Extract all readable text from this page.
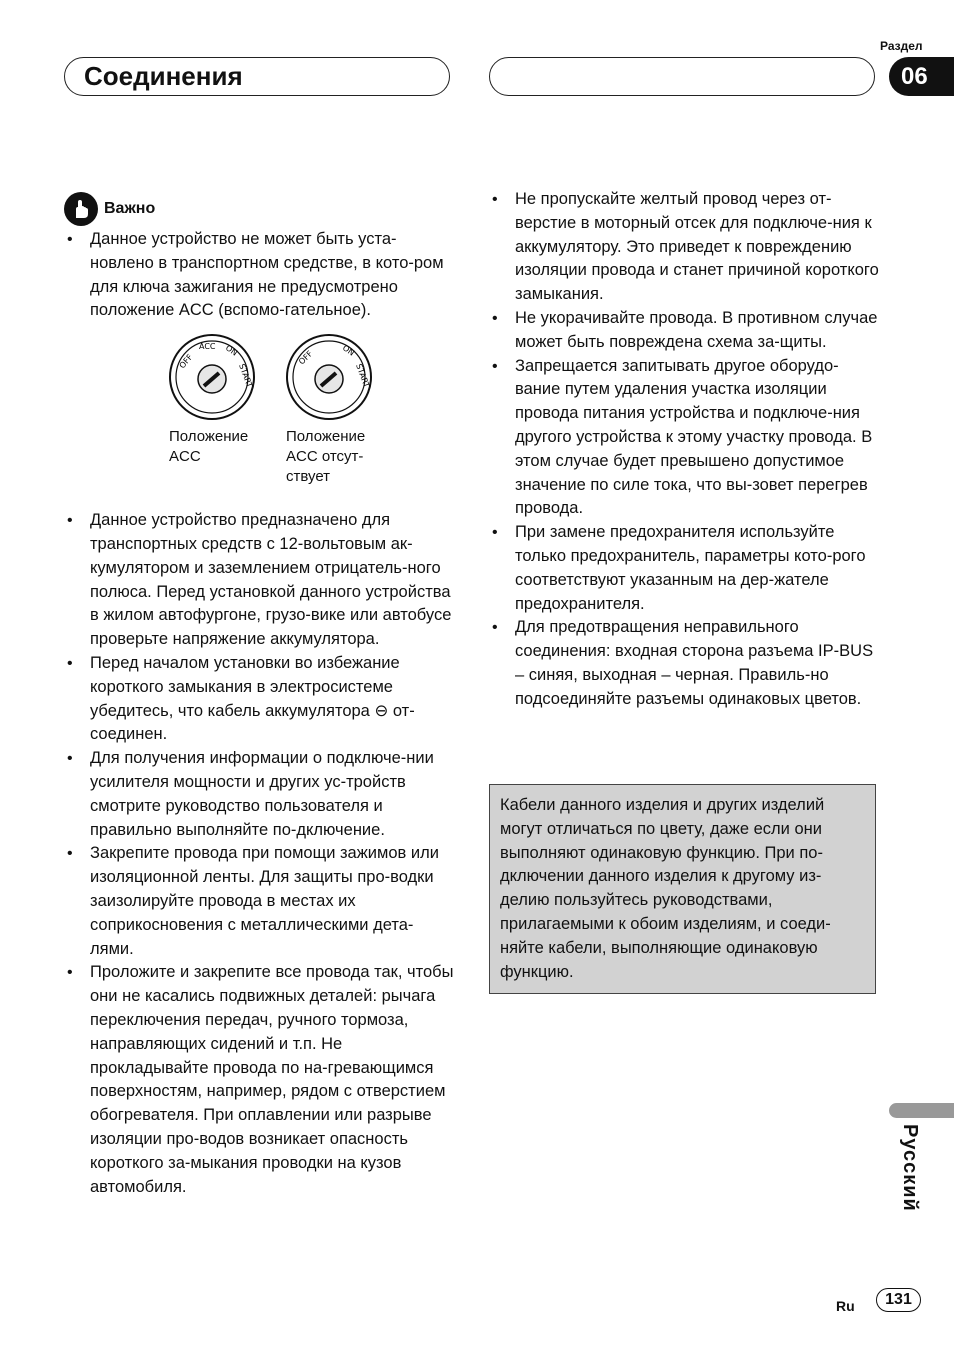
Соединения
Раздел
06
Важно
• Данное устройство не может быть уста-новлено в транспортном средстве, в кото-ром для ключа зажигания не предусмотрено положение ACC (вспомо-гательное).
OFF
ACC ON
START
Положение ACC
OFF	ON
START
Положение ACC отсут-ствует
• Данное устройство предназначено для транспортных средств с 12-вольтовым ак-кумулятором и заземлением отрицатель-ного полюса. Перед установкой данного устройства в жилом автофургоне, грузо-вике или автобусе проверьте напряжение аккумулятора.
• Перед началом установки во избежание короткого замыкания в электросистеме убедитесь, что кабель аккумулятора ⊖ от-соединен.
• Для получения информации о подключе-нии усилителя мощности и других ус-тройств смотрите руководство пользователя и правильно выполняйте по-дключение.
• Закрепите провода при помощи зажимов или изоляционной ленты. Для защиты про-водки заизолируйте провода в местах их соприкосновения с металлическими дета-лями.
• Проложите и закрепите все провода так, чтобы они не касались подвижных деталей: рычага переключения передач, ручного тормоза, направляющих сидений и т.п. Не прокладывайте провода по на-гревающимся поверхностям, например, рядом с отверстием обогревателя. При оплавлении или разрыве изоляции про-водов возникает опасность короткого за-мыкания проводки на кузов автомобиля.
• Не пропускайте желтый провод через от-верстие в моторный отсек для подключе-ния к аккумулятору. Это приведет к повреждению изоляции провода и станет причиной короткого замыкания.
• Не укорачивайте провода. В противном случае может быть повреждена схема за-щиты.
• Запрещается запитывать другое оборудо-вание путем удаления участка изоляции провода питания устройства и подключе-ния другого устройства к этому участку провода. В этом случае будет превышено допустимое значение по силе тока, что вы-зовет перегрев провода.
• При замене предохранителя используйте только предохранитель, параметры кото-рого соответствуют указанным на дер-жателе предохранителя.
• Для предотвращения неправильного соединения: входная сторона разъема IP-BUS – синяя, выходная – черная. Правиль-но подсоединяйте разъемы одинаковых цветов.
Кабели данного изделия и других изделий могут отличаться по цвету, даже если они выполняют одинаковую функцию. При по-дключении данного изделия к другому из-делию пользуйтесь руководствами, прилагаемыми к обоим изделиям, и соеди-няйте кабели, выполняющие одинаковую функцию.
Русский
Ru	131
